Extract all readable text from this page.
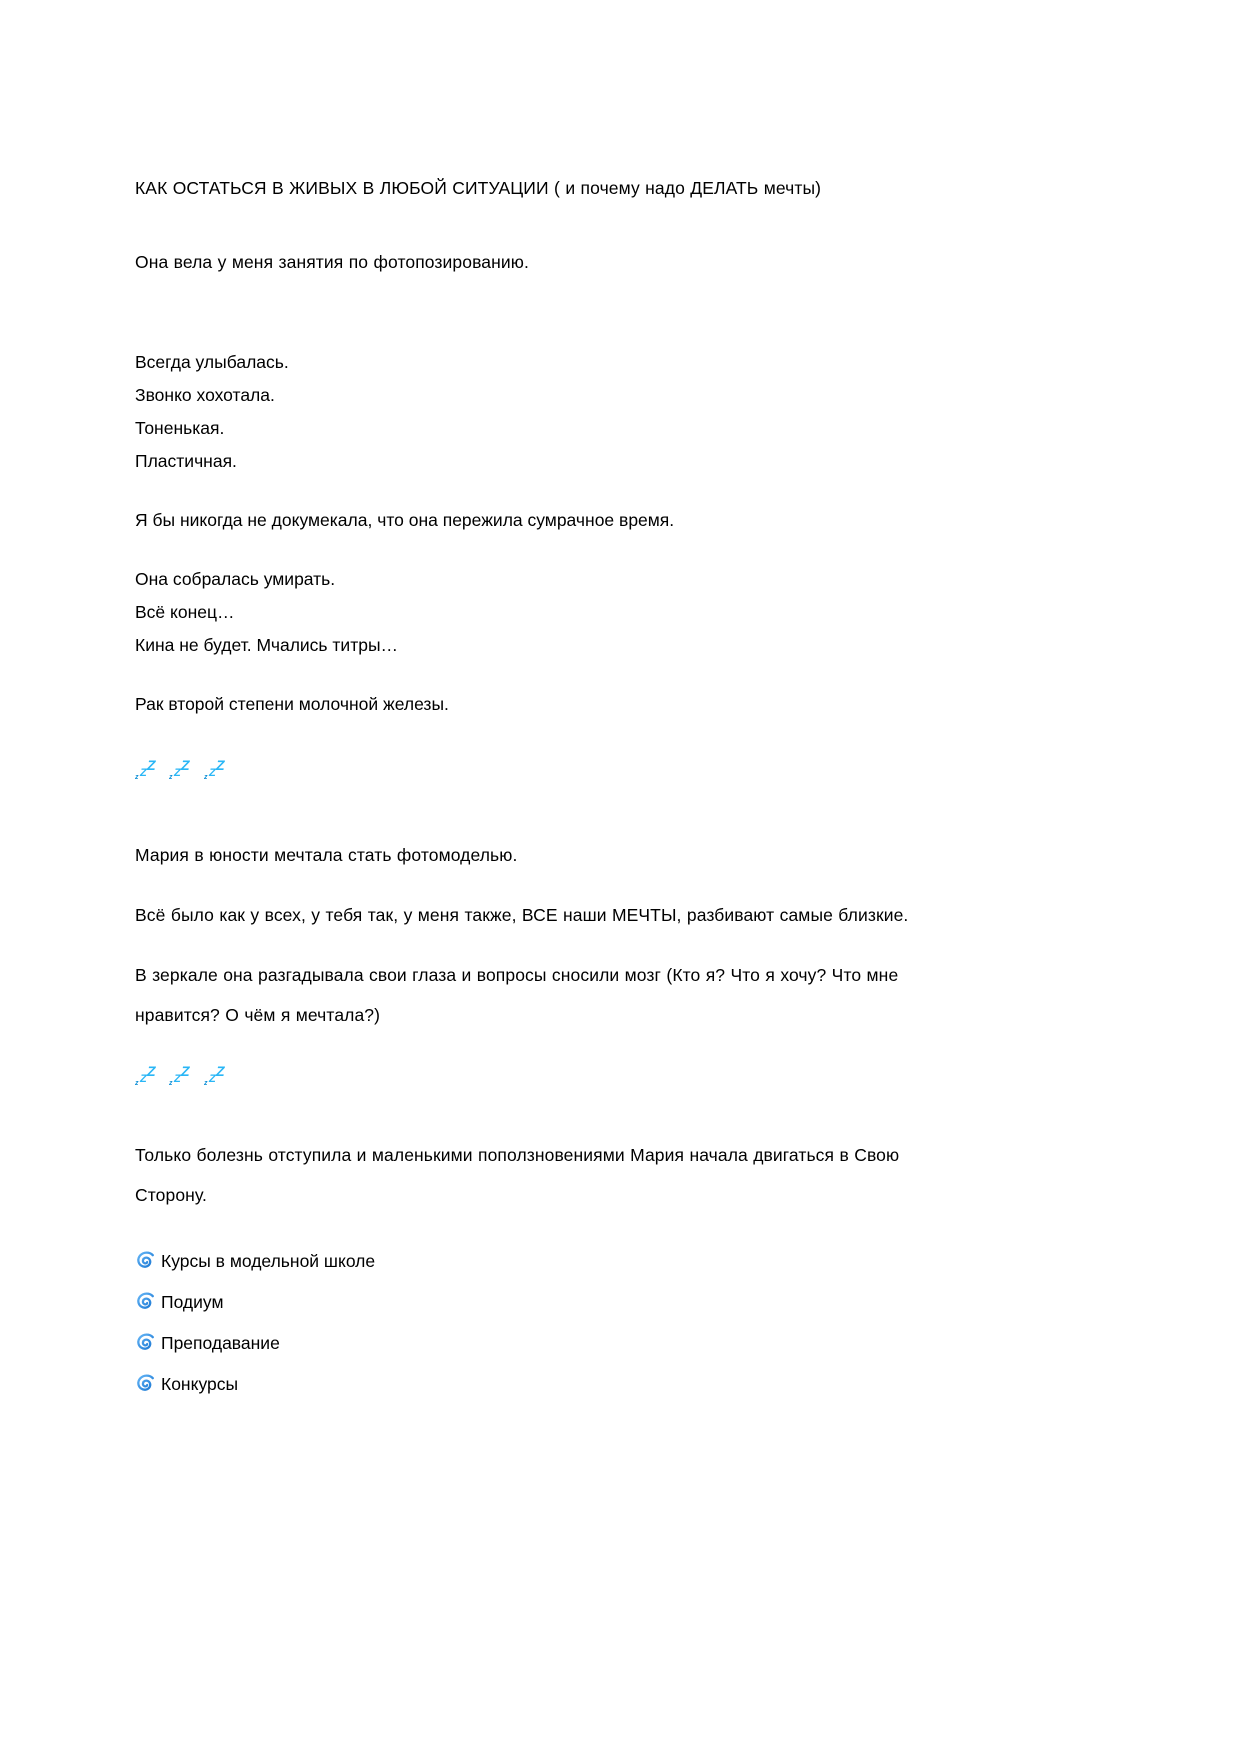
КАК ОСТАТЬСЯ В ЖИВЫХ В ЛЮБОЙ СИТУАЦИИ ( и почему надо ДЕЛАТЬ мечты)

Она вела у меня занятия по фотопозированию.

Всегда улыбалась.

Звонко хохотала.

Тоненькая.

Пластичная.

Я бы никогда не докумекала, что она пережила сумрачное время.

Она собралась умирать.

Всё конец…

Кина не будет. Мчались титры…

Рак второй степени молочной железы.

z Z Z

z Z Z

z Z Z

Мария в юности мечтала стать фотомоделью.

Всё было как у всех, у тебя так, у меня также, ВСЕ наши МЕЧТЫ, разбивают самые близкие.

В зеркале она разгадывала свои глаза и вопросы сносили мозг (Кто я? Что я хочу? Что мне нравится? О чём я мечтала?)

z Z Z

z Z Z

z Z Z

Только болезнь отступила и маленькими поползновениями Мария начала двигаться в Свою Сторону.

Курсы в модельной школе
Подиум
Преподавание
Конкурсы
